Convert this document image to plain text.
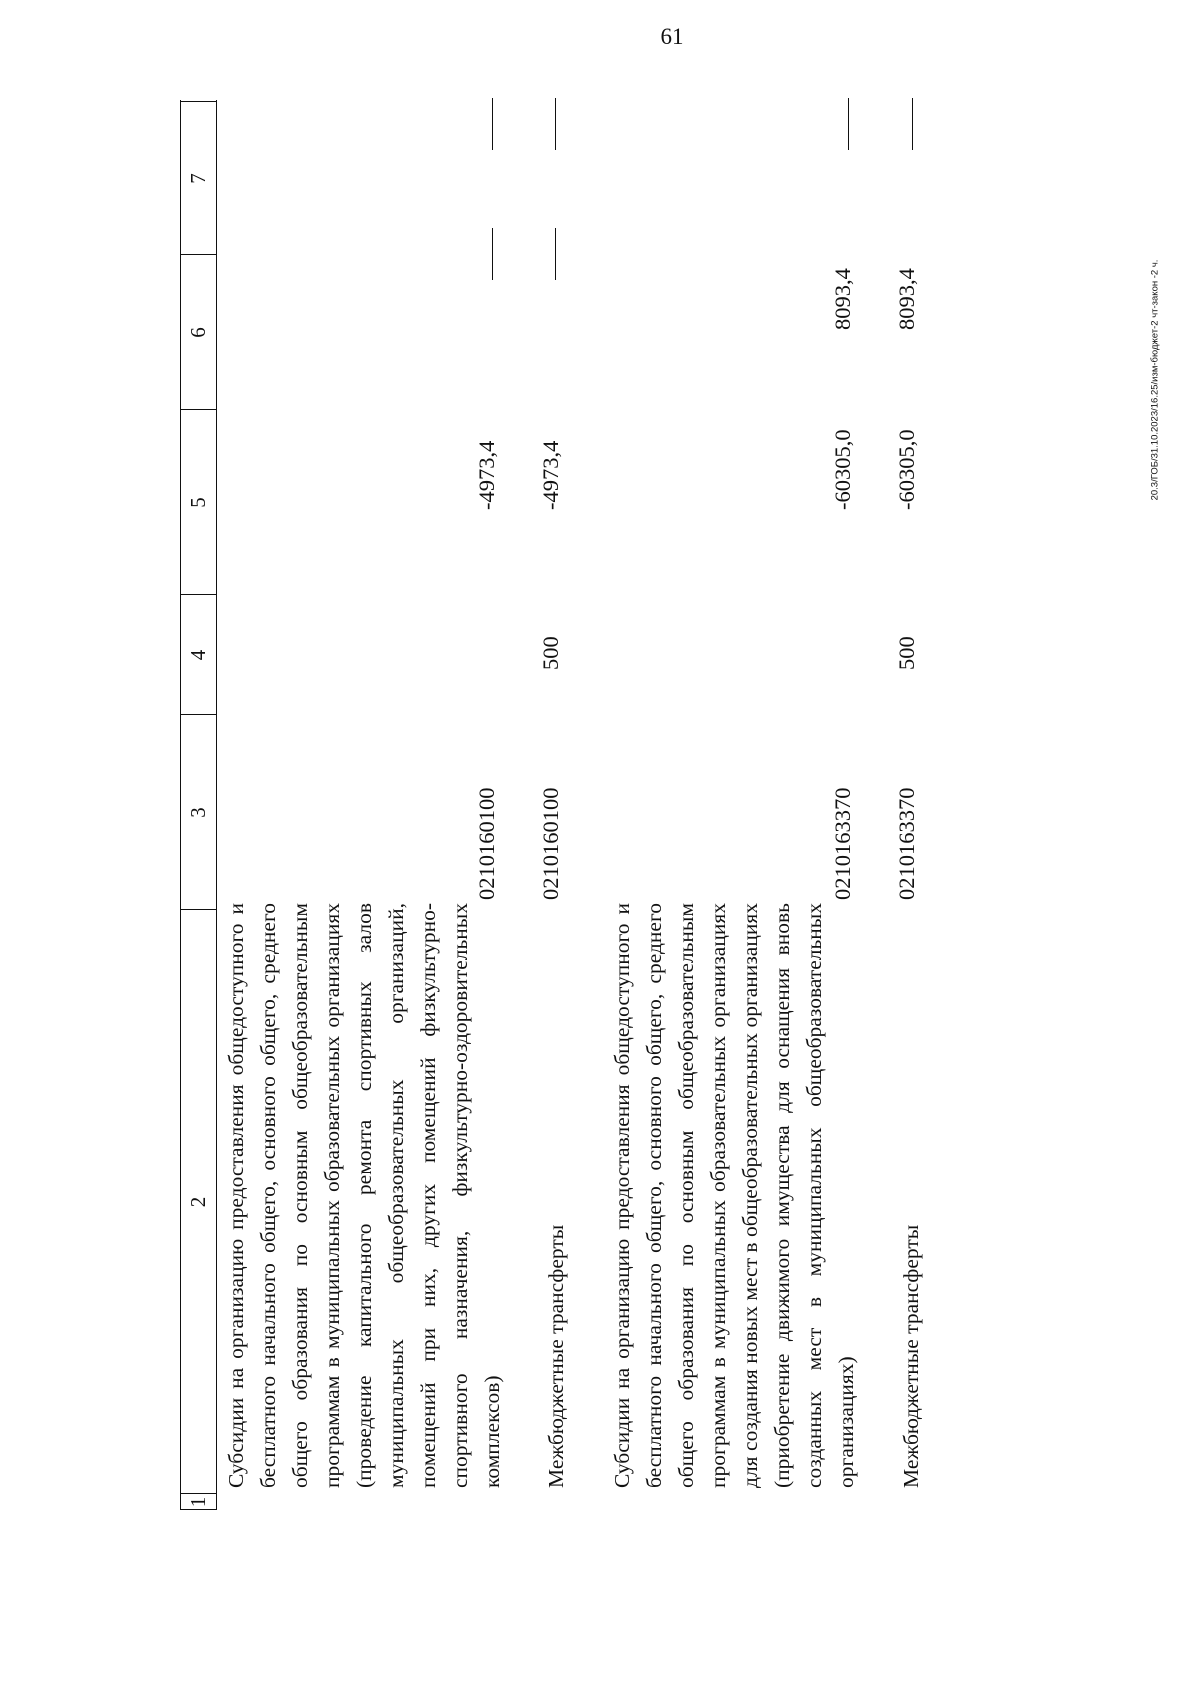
61
20.3/ГОБ/31.10.2023/16.25/изм-бюджет-2 чт-закон -2 ч.
1
2
3
4
5
6
7
Субсидии на организацию предоставления общедоступного и бесплатного начального общего, основного общего, среднего общего образования по основным общеобразовательным программам в муниципальных образовательных организациях (проведение капитального ремонта спортивных залов муниципальных общеобразовательных организаций, помещений при них, других помещений физкультурно-спортивного назначения, физкультурно-оздоровительных комплексов)
0210160100
-4973,4
Межбюджетные трансферты
0210160100
500
-4973,4
Субсидии на организацию предоставления общедоступного и бесплатного начального общего, основного общего, среднего общего образования по основным общеобразовательным программам в муниципальных образовательных организациях для создания новых мест в общеобразовательных организациях (приобретение движимого имущества для оснащения вновь созданных мест в муниципальных общеобразовательных организациях)
0210163370
-60305,0
8093,4
Межбюджетные трансферты
0210163370
500
-60305,0
8093,4
